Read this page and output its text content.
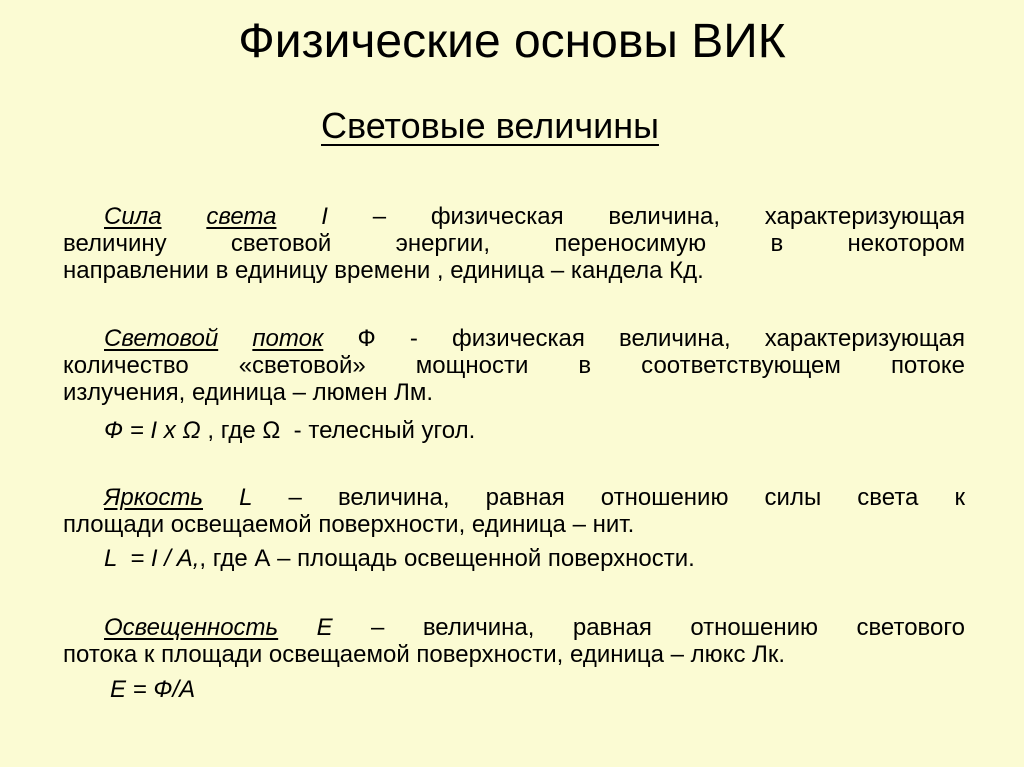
Физические основы ВИК
Световые величины
Сила света I – физическая величина, характеризующая
величину	световой	энергии,	переносимую	в	некотором
направлении в единицу времени , единица – кандела Кд.
Световой поток Ф - физическая величина, характеризующая
количество «световой» мощности в соответствующем потоке
излучения, единица – люмен Лм.
Ф = I x Ω , где Ω  - телесный угол.
Яркость L – величина, равная отношению силы света к
площади освещаемой поверхности, единица – нит.
L  = I / A,, где А – площадь освещенной поверхности.
Освещенность Е – величина, равная отношению светового
потока к площади освещаемой поверхности, единица – люкс Лк.
Е = Ф/А
